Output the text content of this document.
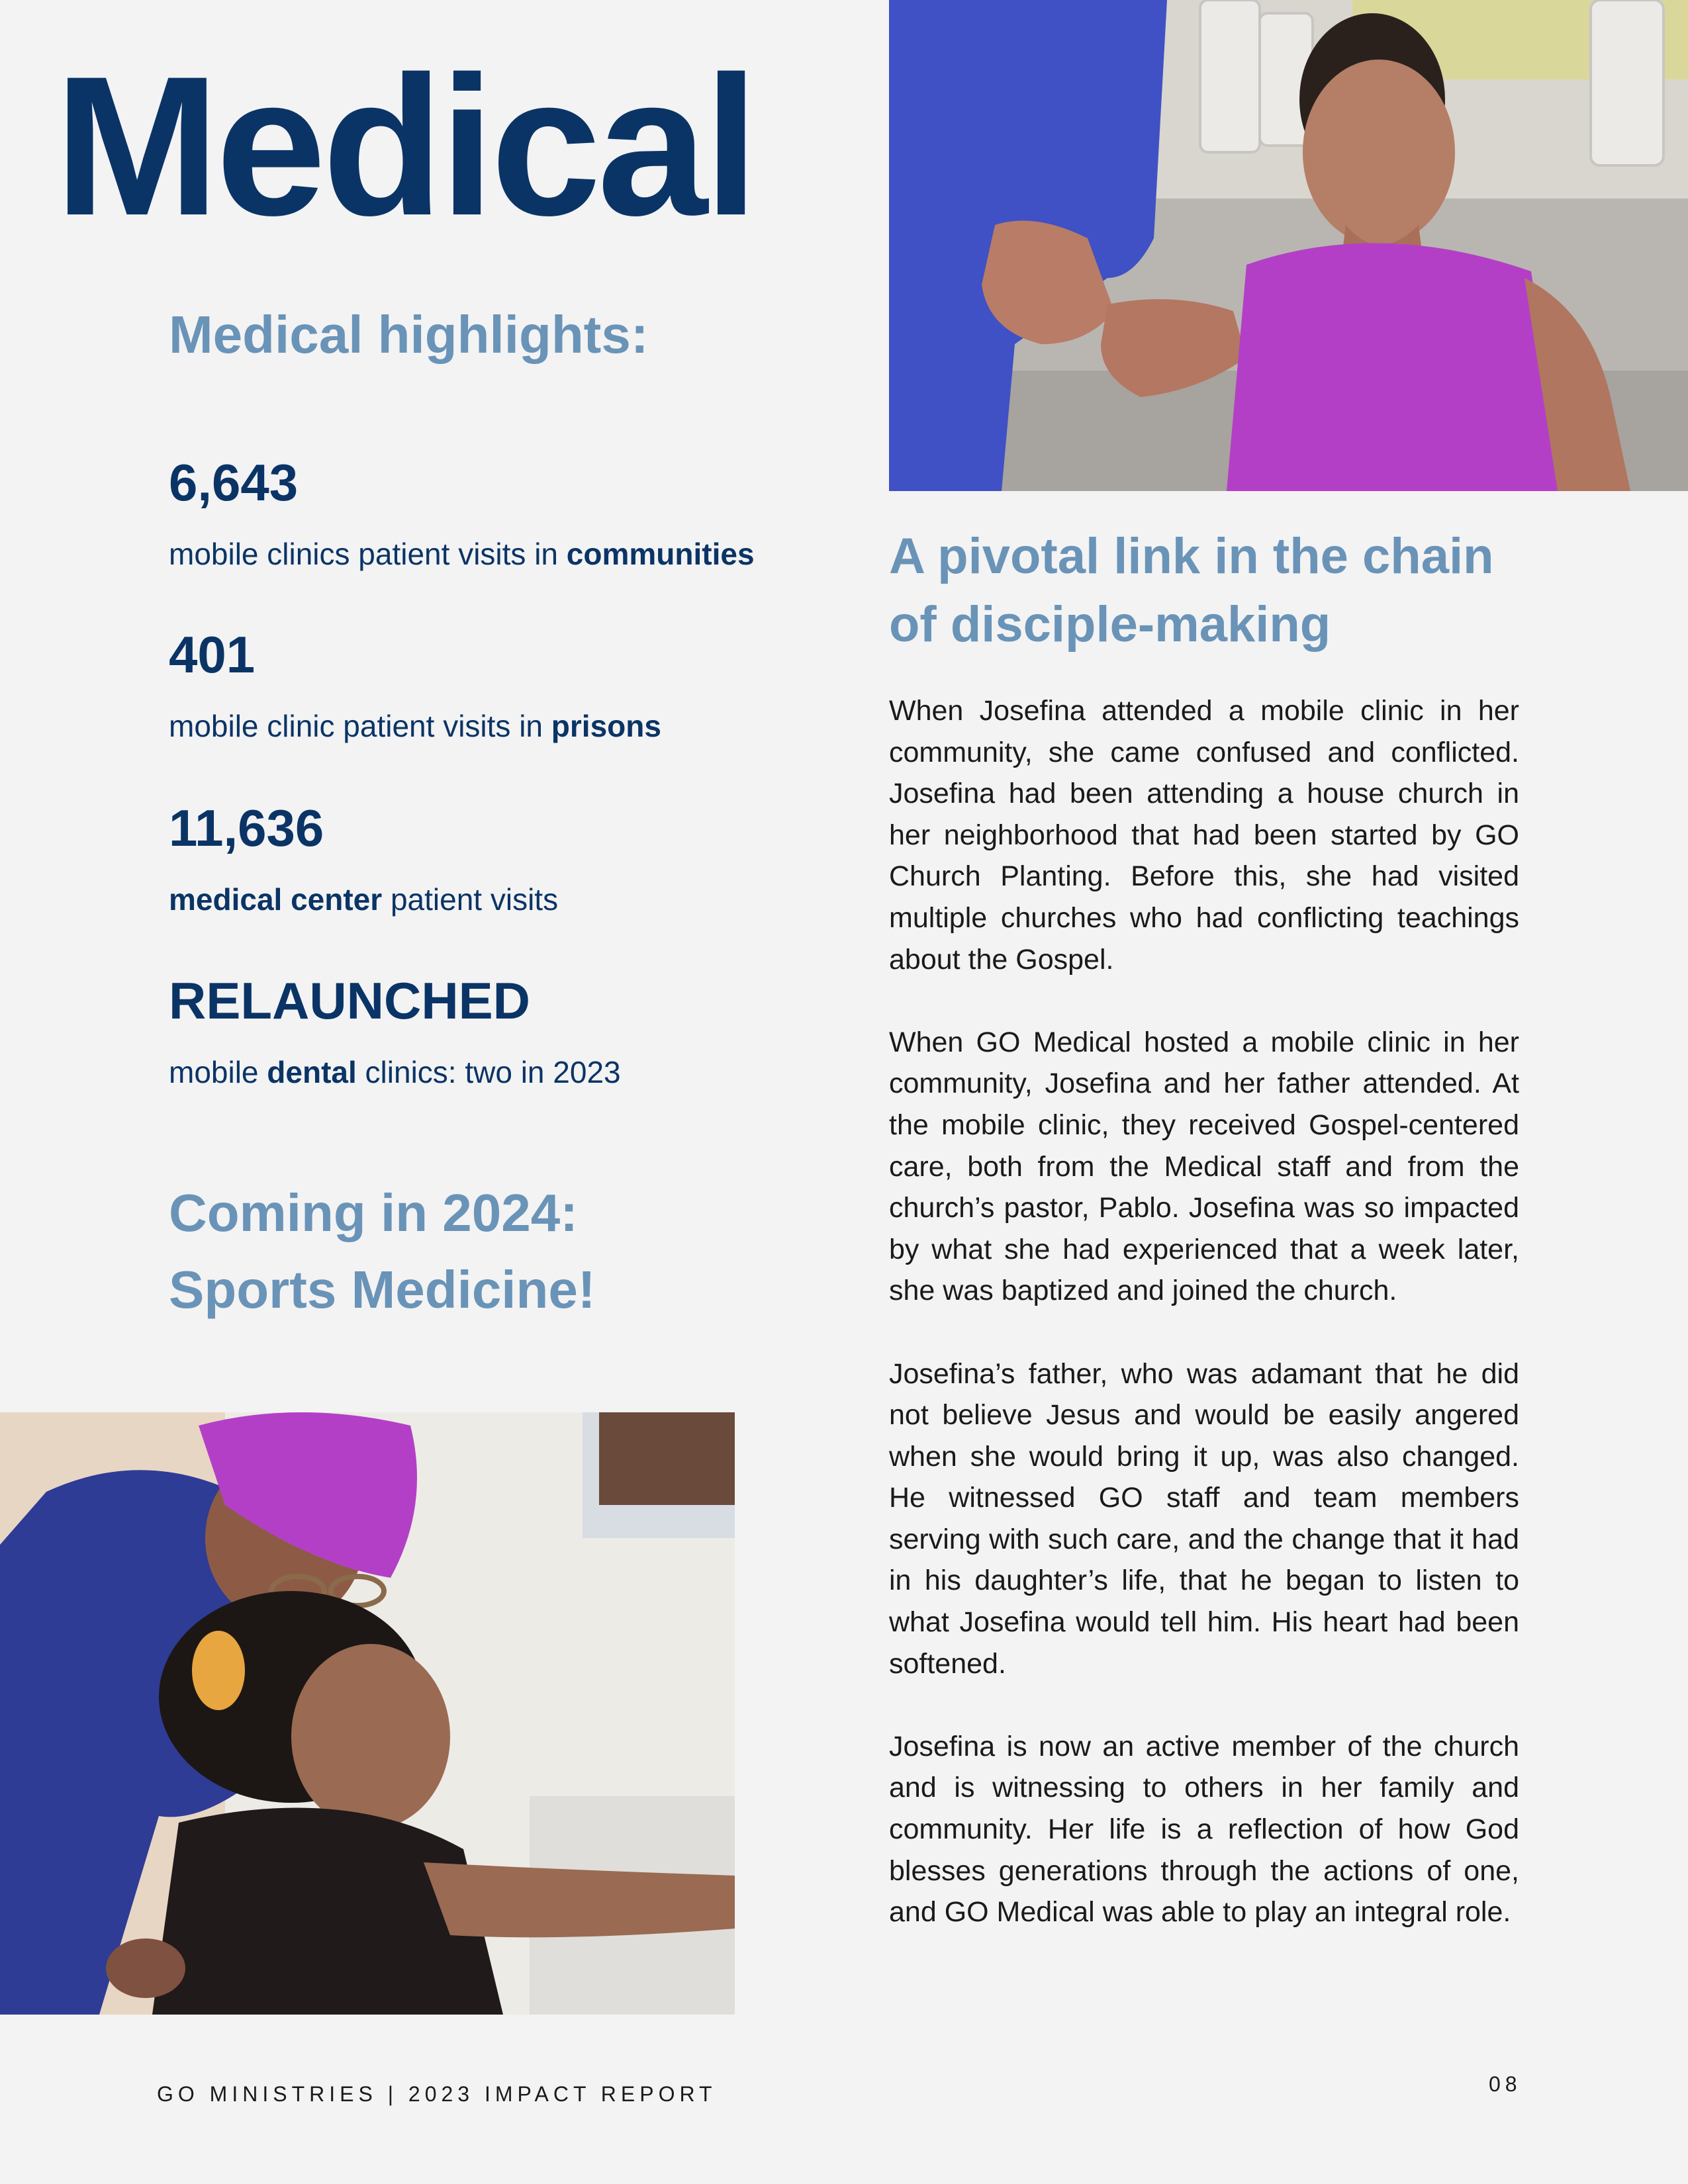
Medical
Medical highlights:
6,643
mobile clinics patient visits in communities
401
mobile clinic patient visits in prisons
11,636
medical center patient visits
RELAUNCHED
mobile dental clinics: two in 2023
Coming in 2024:
Sports Medicine!
A pivotal link in the chain
of disciple-making

When Josefina attended a mobile clinic in her community, she came confused and conflicted. Josefina had been attending a house church in her neighborhood that had been started by GO Church Planting. Before this, she had visited multiple churches who had conflicting teachings about the Gospel.

When GO Medical hosted a mobile clinic in her community, Josefina and her father attended. At the mobile clinic, they received Gospel-centered care, both from the Medical staff and from the church’s pastor, Pablo. Josefina was so impacted by what she had experienced that a week later, she was baptized and joined the church.

Josefina’s father, who was adamant that he did not believe Jesus and would be easily angered when she would bring it up, was also changed. He witnessed GO staff and team members serving with such care, and the change that it had in his daughter’s life, that he began to listen to what Josefina would tell him. His heart had been softened.

Josefina is now an active member of the church and is witnessing to others in her family and community. Her life is a reflection of how God blesses generations through the actions of one, and GO Medical was able to play an integral role.

GO MINISTRIES | 2023 IMPACT REPORT	08
